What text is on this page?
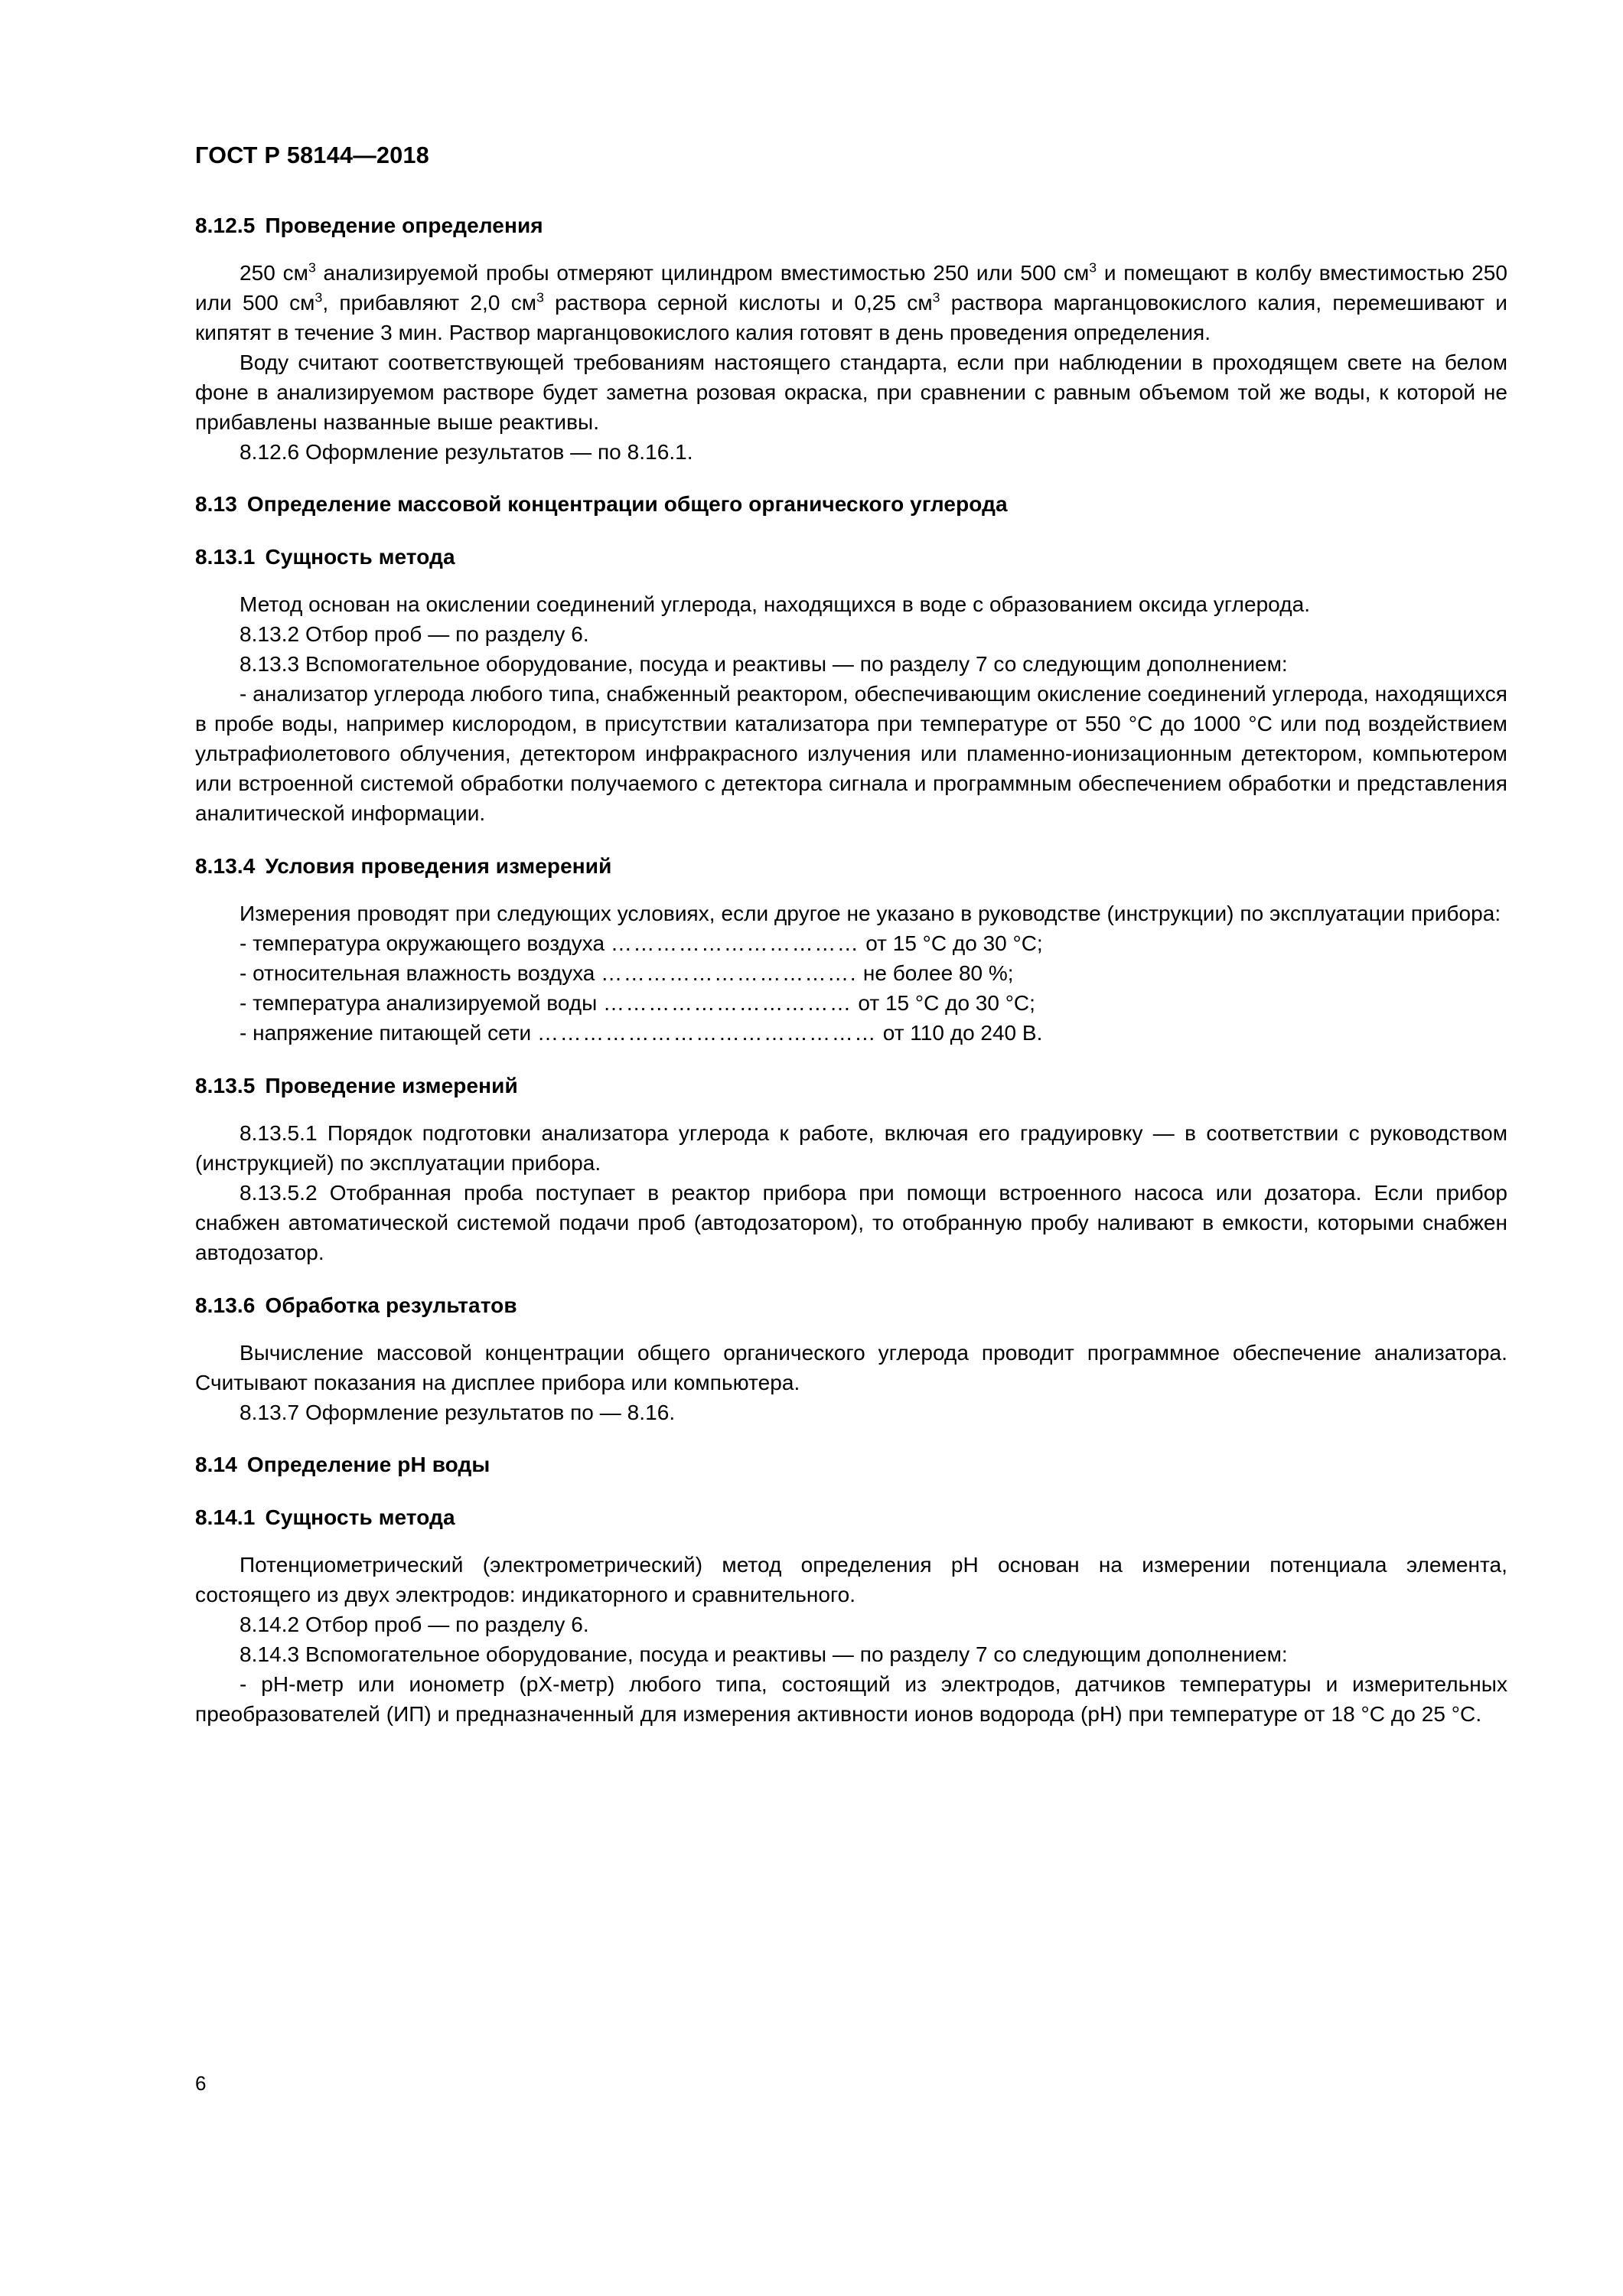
ГОСТ Р 58144—2018
8.12.5 Проведение определения

250 $см^3$ анализируемой пробы отмеряют цилиндром вместимостью 250 или 500 $см^3$ и помещают в колбу вместимостью 250 или 500 $см^3$, прибавляют 2,0 $см^3$ раствора серной кислоты и 0,25 $см^3$ раствора марганцовокислого калия, перемешивают и кипятят в течение 3 мин. Раствор марганцовокислого калия готовят в день проведения определения.

Воду считают соответствующей требованиям настоящего стандарта, если при наблюдении в проходящем свете на белом фоне в анализируемом растворе будет заметна розовая окраска, при сравнении с равным объемом той же воды, к которой не прибавлены названные выше реактивы.

8.12.6 Оформление результатов — по 8.16.1.

8.13 Определение массовой концентрации общего органического углерода
8.13.1 Сущность метода

Метод основан на окислении соединений углерода, находящихся в воде с образованием оксида углерода.

8.13.2 Отбор проб — по разделу 6.

8.13.3 Вспомогательное оборудование, посуда и реактивы — по разделу 7 со следующим дополнением:

- анализатор углерода любого типа, снабженный реактором, обеспечивающим окисление соединений углерода, находящихся в пробе воды, например кислородом, в присутствии катализатора при температуре от 550 °С до 1000 °С или под воздействием ультрафиолетового облучения, детектором инфракрасного излучения или пламенно-ионизационным детектором, компьютером или встроенной системой обработки получаемого с детектора сигнала и программным обеспечением обработки и представления аналитической информации.

8.13.4 Условия проведения измерений

Измерения проводят при следующих условиях, если другое не указано в руководстве (инструкции) по эксплуатации прибора:

- температура окружающего воздуха …………………………… от 15 °С до 30 °С;
- относительная влажность воздуха ……………………………. не более 80 %;
- температура анализируемой воды …………………………… от 15 °С до 30 °С;
- напряжение питающей сети ……………………………………… от 110 до 240 В.
8.13.5 Проведение измерений

8.13.5.1 Порядок подготовки анализатора углерода к работе, включая его градуировку — в соответствии с руководством (инструкцией) по эксплуатации прибора.

8.13.5.2 Отобранная проба поступает в реактор прибора при помощи встроенного насоса или дозатора. Если прибор снабжен автоматической системой подачи проб (автодозатором), то отобранную пробу наливают в емкости, которыми снабжен автодозатор.

8.13.6 Обработка результатов

Вычисление массовой концентрации общего органического углерода проводит программное обеспечение анализатора. Считывают показания на дисплее прибора или компьютера.

8.13.7 Оформление результатов по — 8.16.

8.14 Определение pH воды
8.14.1 Сущность метода

Потенциометрический (электрометрический) метод определения pH основан на измерении потенциала элемента, состоящего из двух электродов: индикаторного и сравнительного.

8.14.2 Отбор проб — по разделу 6.

8.14.3 Вспомогательное оборудование, посуда и реактивы — по разделу 7 со следующим дополнением:

- pH-метр или ионометр (pX-метр) любого типа, состоящий из электродов, датчиков температуры и измерительных преобразователей (ИП) и предназначенный для измерения активности ионов водорода (pH) при температуре от 18 °С до 25 °С.

6
